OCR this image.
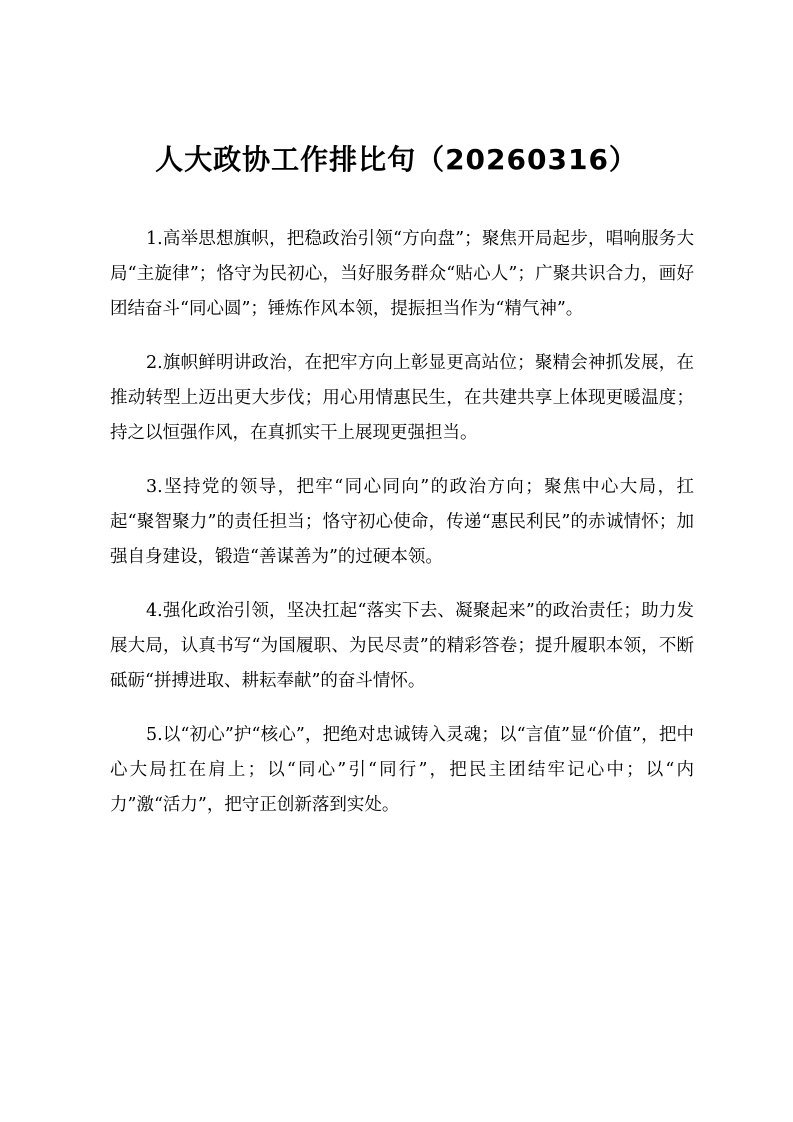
人大政协工作排比句（20260316）

1.高举思想旗帜，把稳政治引领“方向盘”；聚焦开局起步，唱响服务大局“主旋律”；恪守为民初心，当好服务群众“贴心人”；广聚共识合力，画好团结奋斗“同心圆”；锤炼作风本领，提振担当作为“精气神”。

2.旗帜鲜明讲政治，在把牢方向上彰显更高站位；聚精会神抓发展，在推动转型上迈出更大步伐；用心用情惠民生，在共建共享上体现更暖温度；持之以恒强作风，在真抓实干上展现更强担当。

3.坚持党的领导，把牢“同心同向”的政治方向；聚焦中心大局，扛起“聚智聚力”的责任担当；恪守初心使命，传递“惠民利民”的赤诚情怀；加强自身建设，锻造“善谋善为”的过硬本领。

4.强化政治引领，坚决扛起“落实下去、凝聚起来”的政治责任；助力发展大局，认真书写“为国履职、为民尽责”的精彩答卷；提升履职本领，不断砥砺“拼搏进取、耕耘奉献”的奋斗情怀。

5.以“初心”护“核心”，把绝对忠诚铸入灵魂；以“言值”显“价值”，把中心大局扛在肩上；以“同心”引“同行”，把民主团结牢记心中；以“内力”激“活力”，把守正创新落到实处。
